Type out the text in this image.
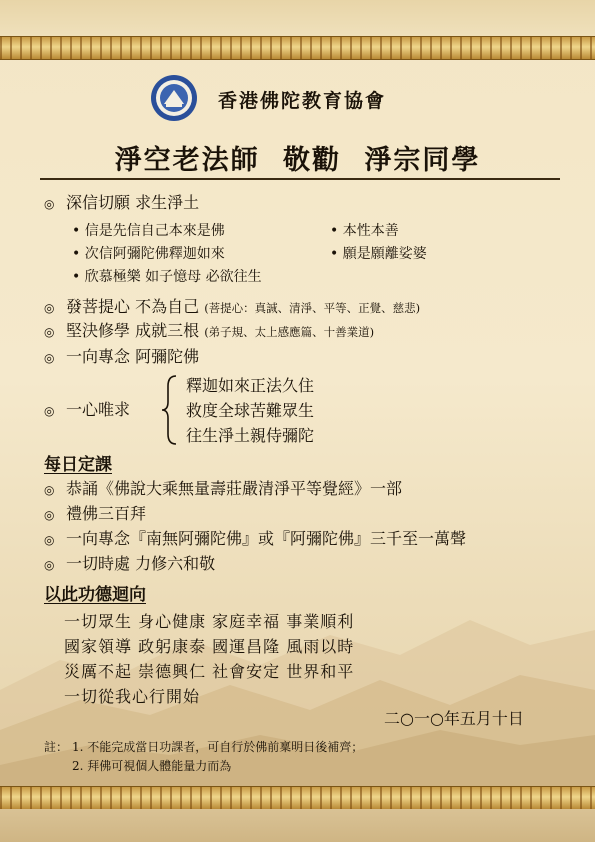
香港佛陀教育協會
淨空老法師 敬勸 淨宗同學
◎ 深信切願 求生淨土
• 信是先信自己本來是佛	• 本性本善
• 次信阿彌陀佛釋迦如來	• 願是願離娑婆
• 欣慕極樂 如子憶母 必欲往生
◎ 發菩提心 不為自己 (菩提心：真誠、清淨、平等、正覺、慈悲)
◎ 堅決修學 成就三根 (弟子規、太上感應篇、十善業道)
◎ 一向專念 阿彌陀佛
◎ 一心唯求
釋迦如來正法久住
救度全球苦難眾生
往生淨土親侍彌陀
每日定課
◎ 恭誦《佛說大乘無量壽莊嚴清淨平等覺經》一部
◎ 禮佛三百拜
◎ 一向專念『南無阿彌陀佛』或『阿彌陀佛』三千至一萬聲
◎ 一切時處 力修六和敬
以此功德迴向
一切眾生 身心健康 家庭幸福 事業順利
國家領導 政躬康泰 國運昌隆 風雨以時
災厲不起 崇德興仁 社會安定 世界和平
一切從我心行開始
二○一○年五月十日
註： 1. 不能完成當日功課者，可自行於佛前稟明日後補齊；
2. 拜佛可視個人體能量力而為
